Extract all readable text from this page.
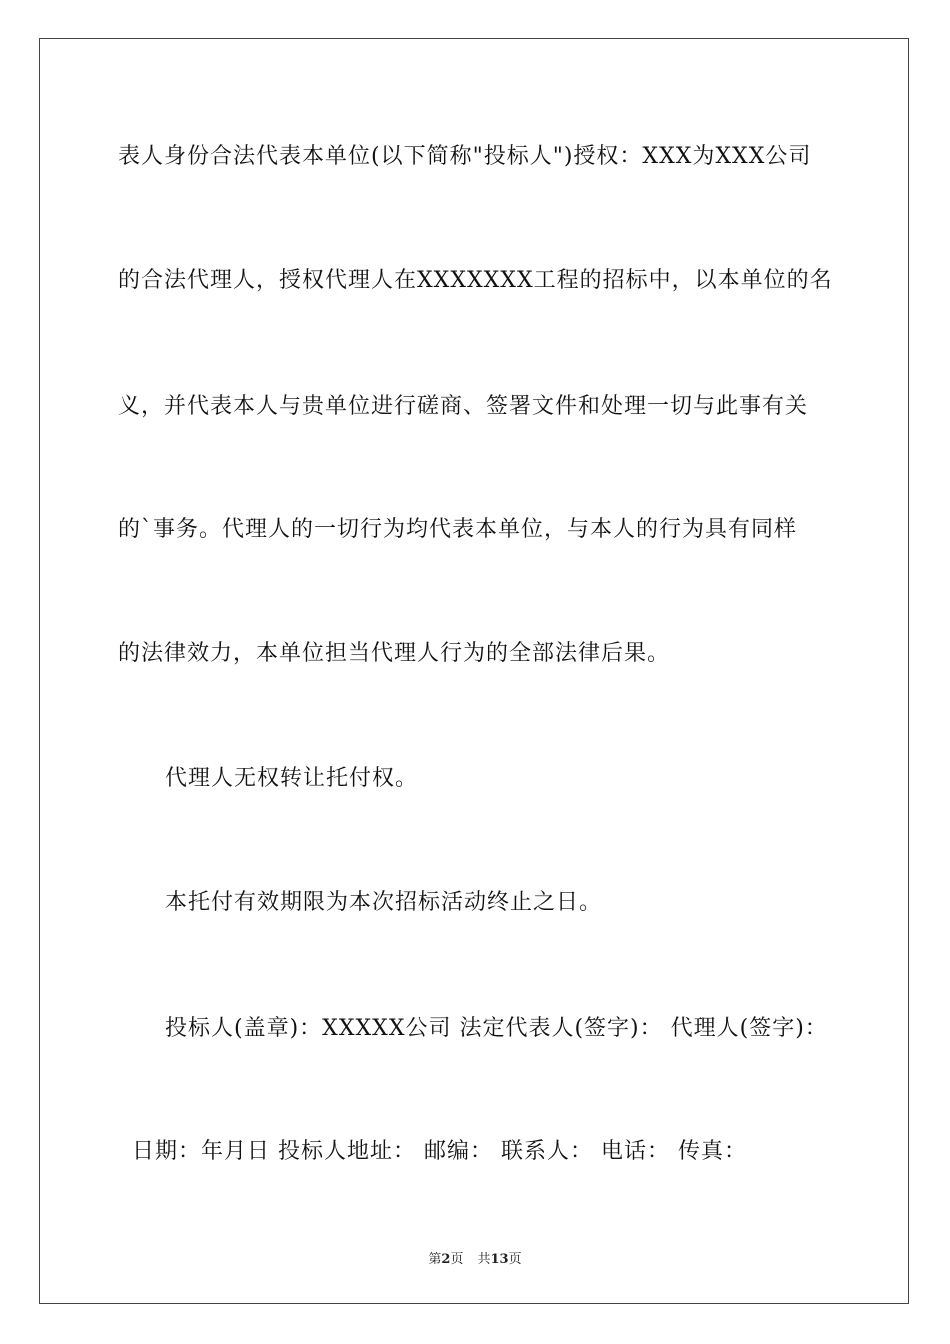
表人身份合法代表本单位(以下简称"投标人")授权：XXX为XXX公司
的合法代理人，授权代理人在XXXXXXX工程的招标中，以本单位的名
义，并代表本人与贵单位进行磋商、签署文件和处理一切与此事有关
的`事务。代理人的一切行为均代表本单位，与本人的行为具有同样
的法律效力，本单位担当代理人行为的全部法律后果。
代理人无权转让托付权。
本托付有效期限为本次招标活动终止之日。
投标人(盖章)：XXXXX公司 法定代表人(签字)： 代理人(签字)：
日期：年月日 投标人地址： 邮编： 联系人： 电话： 传真：
第2页 共13页
